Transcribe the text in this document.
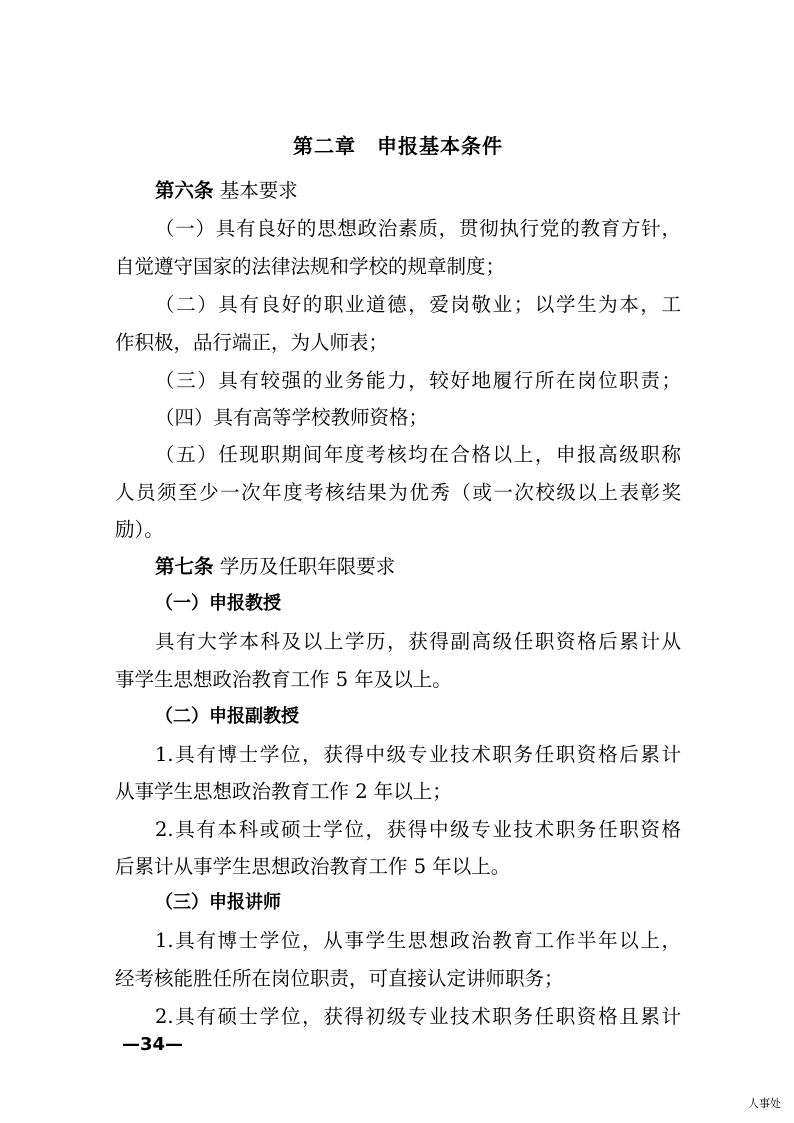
第二章　申报基本条件
第六条 基本要求
（一）具有良好的思想政治素质，贯彻执行党的教育方针，
自觉遵守国家的法律法规和学校的规章制度；
（二）具有良好的职业道德，爱岗敬业；以学生为本，工
作积极，品行端正，为人师表；
（三）具有较强的业务能力，较好地履行所在岗位职责；
（四）具有高等学校教师资格；
（五）任现职期间年度考核均在合格以上，申报高级职称
人员须至少一次年度考核结果为优秀（或一次校级以上表彰奖
励）。
第七条 学历及任职年限要求
（一）申报教授
具有大学本科及以上学历，获得副高级任职资格后累计从
事学生思想政治教育工作 5 年及以上。
（二）申报副教授
1.具有博士学位，获得中级专业技术职务任职资格后累计
从事学生思想政治教育工作 2 年以上；
2.具有本科或硕士学位，获得中级专业技术职务任职资格
后累计从事学生思想政治教育工作 5 年以上。
（三）申报讲师
1.具有博士学位，从事学生思想政治教育工作半年以上，
经考核能胜任所在岗位职责，可直接认定讲师职务；
2.具有硕士学位，获得初级专业技术职务任职资格且累计
—34—
人事处
